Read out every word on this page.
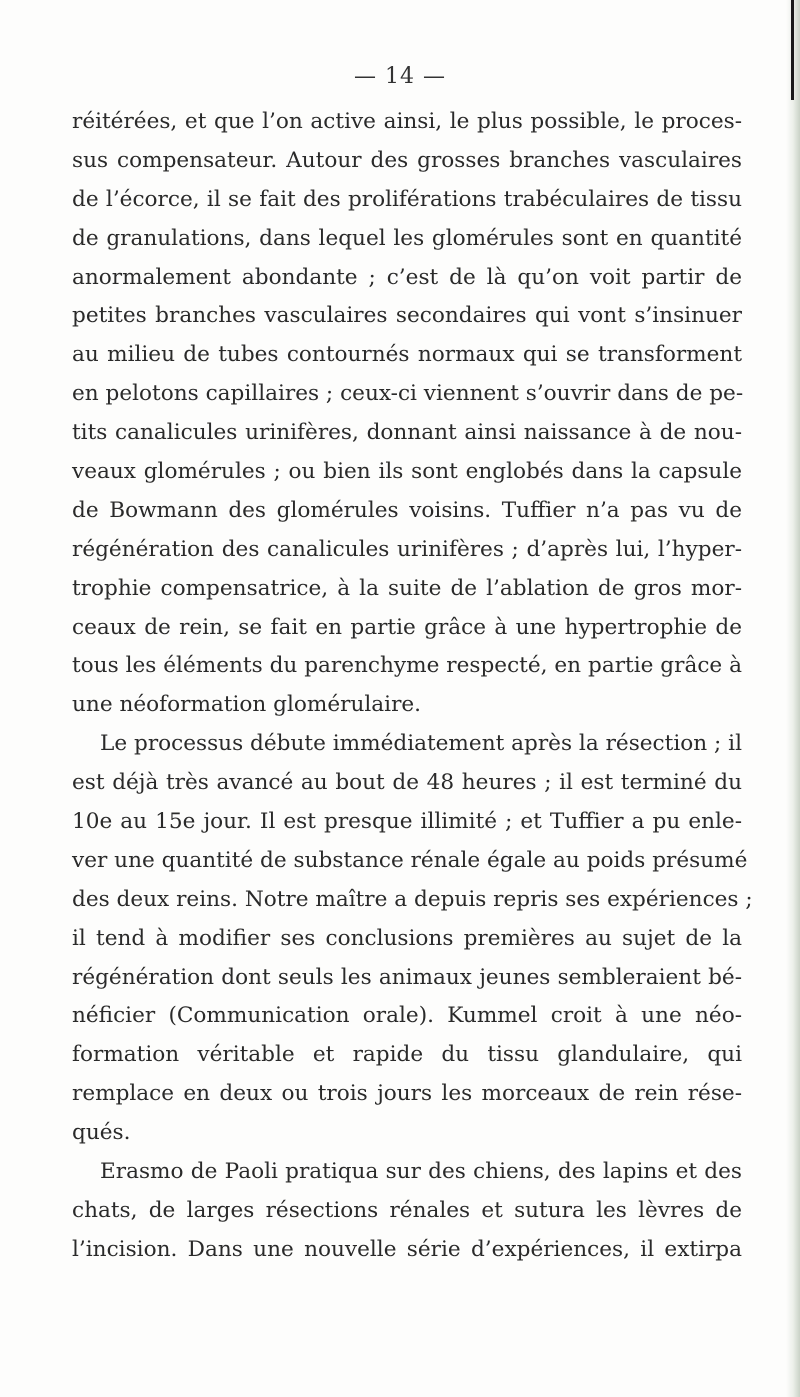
— 14 —
réitérées, et que l’on active ainsi, le plus possible, le proces-
sus compensateur. Autour des grosses branches vasculaires
de l’écorce, il se fait des proliférations trabéculaires de tissu
de granulations, dans lequel les glomérules sont en quantité
anormalement abondante ; c’est de là qu’on voit partir de
petites branches vasculaires secondaires qui vont s’insinuer
au milieu de tubes contournés normaux qui se transforment
en pelotons capillaires ; ceux-ci viennent s’ouvrir dans de pe-
tits canalicules urinifères, donnant ainsi naissance à de nou-
veaux glomérules ; ou bien ils sont englobés dans la capsule
de Bowmann des glomérules voisins. Tuffier n’a pas vu de
régénération des canalicules urinifères ; d’après lui, l’hyper-
trophie compensatrice, à la suite de l’ablation de gros mor-
ceaux de rein, se fait en partie grâce à une hypertrophie de
tous les éléments du parenchyme respecté, en partie grâce à
une néoformation glomérulaire.
Le processus débute immédiatement après la résection ; il
est déjà très avancé au bout de 48 heures ; il est terminé du
10e au 15e jour. Il est presque illimité ; et Tuffier a pu enle-
ver une quantité de substance rénale égale au poids présumé
des deux reins. Notre maître a depuis repris ses expériences ;
il tend à modifier ses conclusions premières au sujet de la
régénération dont seuls les animaux jeunes sembleraient bé-
néficier (Communication orale). Kummel croit à une néo-
formation véritable et rapide du tissu glandulaire, qui
remplace en deux ou trois jours les morceaux de rein rése-
qués.
Erasmo de Paoli pratiqua sur des chiens, des lapins et des
chats, de larges résections rénales et sutura les lèvres de
l’incision. Dans une nouvelle série d’expériences, il extirpa
